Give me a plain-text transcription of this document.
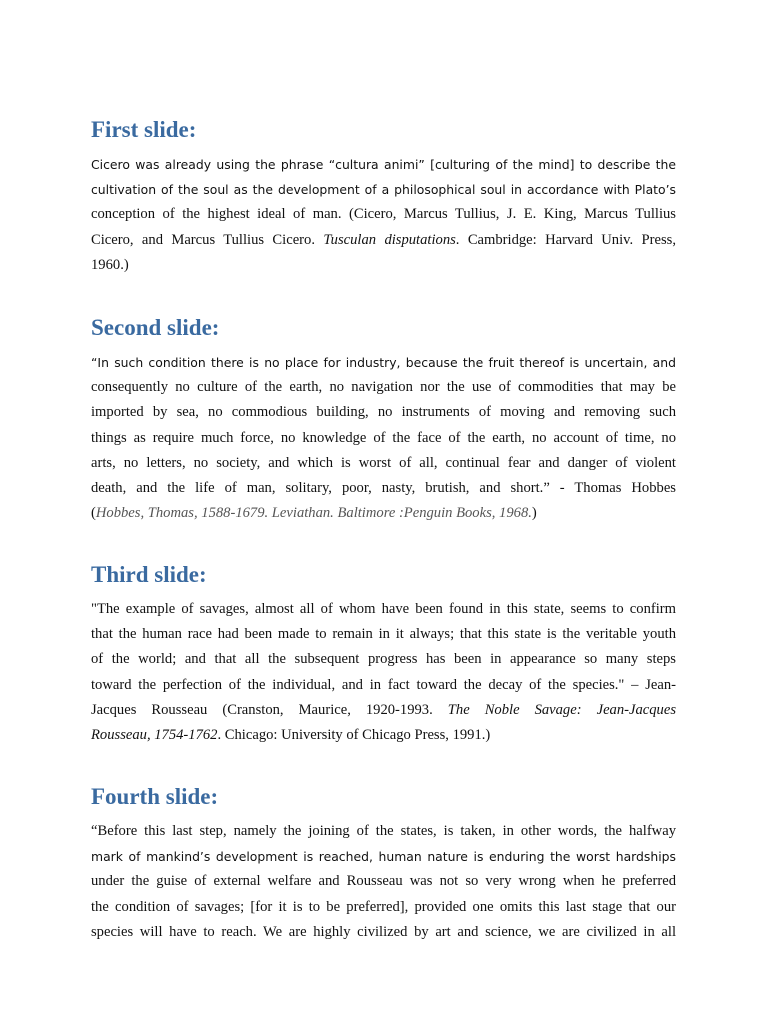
First slide:
Cicero was already using the phrase “cultura animi” [culturing of the mind] to describe the
cultivation of the soul as the development of a philosophical soul in accordance with Plato’s
conception of the highest ideal of man. (Cicero, Marcus Tullius, J. E. King, Marcus Tullius
Cicero, and Marcus Tullius Cicero. Tusculan disputations. Cambridge: Harvard Univ. Press,
1960.)
Second slide:
“In such condition there is no place for industry, because the fruit thereof is uncertain, and
consequently no culture of the earth, no navigation nor the use of commodities that may be
imported by sea, no commodious building, no instruments of moving and removing such
things as require much force, no knowledge of the face of the earth, no account of time, no
arts, no letters, no society, and which is worst of all, continual fear and danger of violent
death, and the life of man, solitary, poor, nasty, brutish, and short.” - Thomas Hobbes
(Hobbes, Thomas, 1588-1679. Leviathan. Baltimore :Penguin Books, 1968.)
Third slide:
"The example of savages, almost all of whom have been found in this state, seems to confirm
that the human race had been made to remain in it always; that this state is the veritable youth
of the world; and that all the subsequent progress has been in appearance so many steps
toward the perfection of the individual, and in fact toward the decay of the species." – Jean-
Jacques Rousseau (Cranston, Maurice, 1920-1993. The Noble Savage: Jean-Jacques
Rousseau, 1754-1762. Chicago: University of Chicago Press, 1991.)
Fourth slide:
“Before this last step, namely the joining of the states, is taken, in other words, the halfway
mark of mankind’s development is reached, human nature is enduring the worst hardships
under the guise of external welfare and Rousseau was not so very wrong when he preferred
the condition of savages; [for it is to be preferred], provided one omits this last stage that our
species will have to reach. We are highly civilized by art and science, we are civilized in all
